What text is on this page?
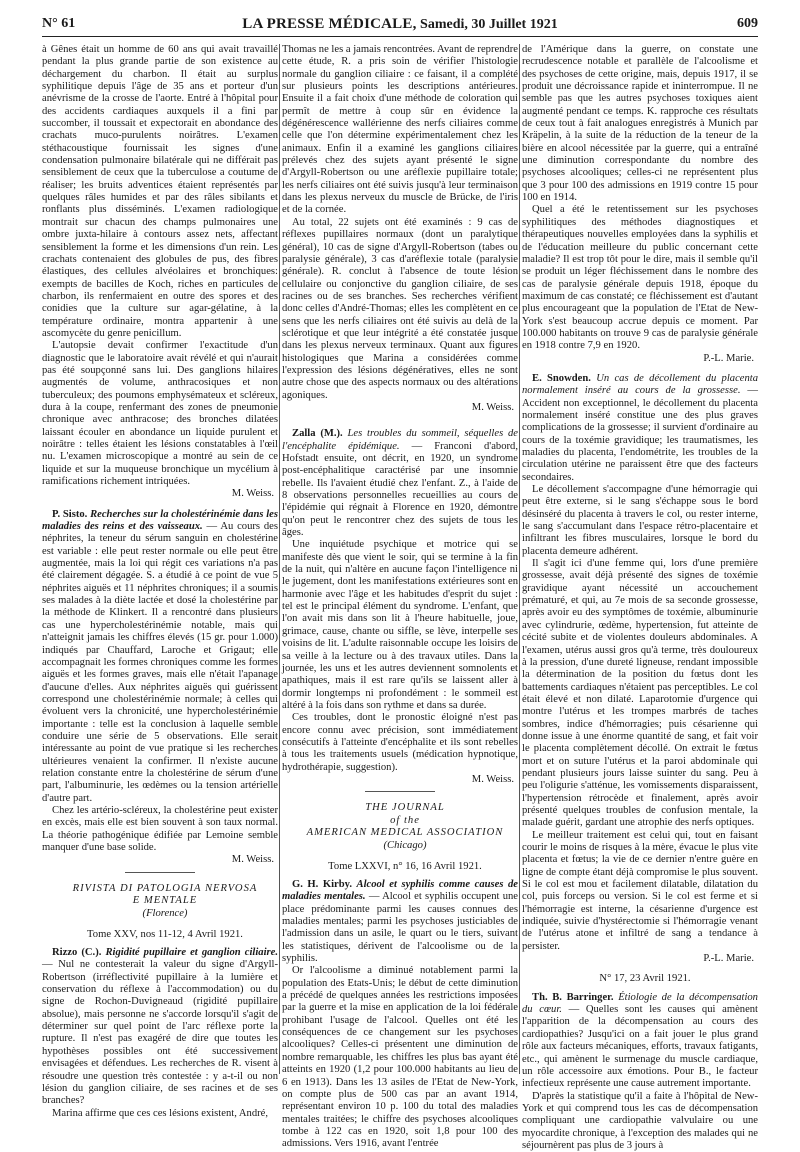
N° 61	LA PRESSE MÉDICALE, Samedi, 30 Juillet 1921	609

à Gênes était un homme de 60 ans qui avait travaillé pendant la plus grande partie de son existence au déchargement du charbon. Il était au surplus syphilitique depuis l'âge de 35 ans et porteur d'un anévrisme de la crosse de l'aorte. Entré à l'hôpital pour des accidents cardiaques auxquels il a fini par succomber, il toussait et expectorait en abondance des crachats muco-purulents noirâtres. L'examen stéthacoustique fournissait les signes d'une condensation pulmonaire bilatérale qui ne différait pas sensiblement de ceux que la tuberculose a coutume de réaliser; les bruits adventices étaient représentés par quelques râles humides et par des râles sibilants et ronflants plus disséminés. L'examen radiologique montrait sur chacun des champs pulmonaires une ombre juxta-hilaire à contours assez nets, affectant sensiblement la forme et les dimensions d'un rein. Les crachats contenaient des globules de pus, des fibres élastiques, des cellules alvéolaires et bronchiques: exempts de bacilles de Koch, riches en particules de charbon, ils renfermaient en outre des spores et des conidies que la culture sur agar-gélatine, à la température ordinaire, montra appartenir à une ascomycète du genre penicillum.

L'autopsie devait confirmer l'exactitude d'un diagnostic que le laboratoire avait révélé et qui n'aurait pas été soupçonné sans lui. Des ganglions hilaires augmentés de volume, anthracosiques et non tuberculeux; des poumons emphysémateux et scléreux, dura à la coupe, renfermant des zones de pneumonie chronique avec anthracose; des bronches dilatées laissant écouler en abondance un liquide purulent et noirâtre : telles étaient les lésions constatables à l'œil nu. L'examen microscopique a montré au sein de ce liquide et sur la muqueuse bronchique un mycélium à ramifications richement intriquées.

M. Weiss.

P. Sisto. Recherches sur la cholestérinémie dans les maladies des reins et des vaisseaux. — Au cours des néphrites, la teneur du sérum sanguin en cholestérine est variable : elle peut rester normale ou elle peut être augmentée, mais la loi qui régit ces variations n'a pas été clairement dégagée. S. a étudié à ce point de vue 5 néphrites aiguës et 11 néphrites chroniques; il a soumis ses malades à la diète lactée et dosé la cholestérine par la méthode de Klinkert. Il a rencontré dans plusieurs cas une hypercholestérinémie notable, mais qui n'atteignit jamais les chiffres élevés (15 gr. pour 1.000) indiqués par Chauffard, Laroche et Grigaut; elle accompagnait les formes chroniques comme les formes aiguës et les formes graves, mais elle n'était l'apanage d'aucune d'elles. Aux néphrites aiguës qui guérissent correspond une cholestérinémie normale; à celles qui évoluent vers la chronicité, une hypercholestérinémie importante : telle est la conclusion à laquelle semble conduire une série de 5 observations. Elle serait intéressante au point de vue pratique si les recherches ultérieures venaient la confirmer. Il n'existe aucune relation constante entre la cholestérine de sérum d'une part, l'albuminurie, les œdèmes ou la tension artérielle d'autre part.

Chez les artério-scléreux, la cholestérine peut exister en excès, mais elle est bien souvent à son taux normal. La théorie pathogénique édifiée par Lemoine semble manquer d'une base solide.

M. Weiss.

RIVISTA DI PATOLOGIA NERVOSA

E MENTALE

(Florence)

Tome XXV, nos 11-12, 4 Avril 1921.

Rizzo (C.). Rigidité pupillaire et ganglion ciliaire. — Nul ne contesterait la valeur du signe d'Argyll-Robertson (irréflectivité pupillaire à la lumière et conservation du réflexe à l'accommodation) ou du signe de Rochon-Duvigneaud (rigidité pupillaire absolue), mais personne ne s'accorde lorsqu'il s'agit de déterminer sur quel point de l'arc réflexe porte la rupture. Il n'est pas exagéré de dire que toutes les hypothèses possibles ont été successivement envisagées et défendues. Les recherches de R. visent à résoudre une question très contestée : y a-t-il ou non lésion du ganglion ciliaire, de ses racines et de ses branches?

Marina affirme que ces ces lésions existent, André,

Thomas ne les a jamais rencontrées. Avant de reprendre cette étude, R. a pris soin de vérifier l'histologie normale du ganglion ciliaire : ce faisant, il a complété sur plusieurs points les descriptions antérieures. Ensuite il a fait choix d'une méthode de coloration qui permît de mettre à coup sûr en évidence la dégénérescence wallérienne des nerfs ciliaires comme celle que l'on détermine expérimentalement chez les animaux. Enfin il a examiné les ganglions ciliaires prélevés chez des sujets ayant présenté le signe d'Argyll-Robertson ou une aréflexie pupillaire totale; les nerfs ciliaires ont été suivis jusqu'à leur terminaison dans les plexus nerveux du muscle de Brücke, de l'iris et de la cornée.

Au total, 22 sujets ont été examinés : 9 cas de réflexes pupillaires normaux (dont un paralytique général), 10 cas de signe d'Argyll-Robertson (tabes ou paralysie générale), 3 cas d'aréflexie totale (paralysie générale). R. conclut à l'absence de toute lésion cellulaire ou conjonctive du ganglion ciliaire, de ses racines ou de ses branches. Ses recherches vérifient donc celles d'André-Thomas; elles les complètent en ce sens que les nerfs ciliaires ont été suivis au delà de la sclérotique et que leur intégrité a été constatée jusque dans les plexus nerveux terminaux. Quant aux figures histologiques que Marina a considérées comme l'expression des lésions dégénératives, elles ne sont autre chose que des aspects normaux ou des altérations agoniques.

M. Weiss.

Zalla (M.). Les troubles du sommeil, séquelles de l'encéphalite épidémique. — Franconi d'abord, Hofstadt ensuite, ont décrit, en 1920, un syndrome post-encéphalitique caractérisé par une insomnie rebelle. Ils l'avaient étudié chez l'enfant. Z., à l'aide de 8 observations personnelles recueillies au cours de l'épidémie qui régnait à Florence en 1920, démontre qu'on peut le rencontrer chez des sujets de tous les âges.

Une inquiétude psychique et motrice qui se manifeste dès que vient le soir, qui se termine à la fin de la nuit, qui n'altère en aucune façon l'intelligence ni le jugement, dont les manifestations extérieures sont en harmonie avec l'âge et les habitudes d'esprit du sujet : tel est le principal élément du syndrome. L'enfant, que l'on avait mis dans son lit à l'heure habituelle, joue, grimace, cause, chante ou siffle, se lève, interpelle ses voisins de lit. L'adulte raisonnable occupe les loisirs de sa veille à la lecture ou à des travaux utiles. Dans la journée, les uns et les autres deviennent somnolents et apathiques, mais il est rare qu'ils se laissent aller à dormir longtemps ni profondément : le sommeil est altéré à la fois dans son rythme et dans sa durée.

Ces troubles, dont le pronostic éloigné n'est pas encore connu avec précision, sont immédiatement consécutifs à l'atteinte d'encéphalite et ils sont rebelles à tous les traitements usuels (médication hypnotique, hydrothérapie, suggestion).

M. Weiss.

THE JOURNAL

of the

AMERICAN MEDICAL ASSOCIATION

(Chicago)

Tome LXXVI, n° 16, 16 Avril 1921.

G. H. Kirby. Alcool et syphilis comme causes de maladies mentales. — Alcool et syphilis occupent une place prédominante parmi les causes connues des maladies mentales; parmi les psychoses justiciables de l'admission dans un asile, le quart ou le tiers, suivant les statistiques, dérivent de l'alcoolisme ou de la syphilis.

Or l'alcoolisme a diminué notablement parmi la population des Etats-Unis; le début de cette diminution a précédé de quelques années les restrictions imposées par la guerre et la mise en application de la loi fédérale prohibant l'usage de l'alcool. Quelles ont été les conséquences de ce changement sur les psychoses alcooliques? Celles-ci présentent une diminution de nombre remarquable, les chiffres les plus bas ayant été atteints en 1920 (1,2 pour 100.000 habitants au lieu de 6 en 1913). Dans les 13 asiles de l'Etat de New-York, on compte plus de 500 cas par an avant 1914, représentant environ 10 p. 100 du total des maladies mentales traitées; le chiffre des psychoses alcooliques tombe à 122 cas en 1920, soit 1,8 pour 100 des admissions. Vers 1916, avant l'entrée

de l'Amérique dans la guerre, on constate une recrudescence notable et parallèle de l'alcoolisme et des psychoses de cette origine, mais, depuis 1917, il se produit une décroissance rapide et ininterrompue. Il ne semble pas que les autres psychoses toxiques aient augmenté pendant ce temps. K. rapproche ces résultats de ceux tout à fait analogues enregistrés à Munich par Kräpelin, à la suite de la réduction de la teneur de la bière en alcool nécessitée par la guerre, qui a entraîné une diminution correspondante du nombre des psychoses alcooliques; celles-ci ne représentent plus que 3 pour 100 des admissions en 1919 contre 15 pour 100 en 1914.

Quel a été le retentissement sur les psychoses syphilitiques des méthodes diagnostiques et thérapeutiques nouvelles employées dans la syphilis et de l'éducation meilleure du public concernant cette maladie? Il est trop tôt pour le dire, mais il semble qu'il se produit un léger fléchissement dans le nombre des cas de paralysie générale depuis 1918, époque du maximum de cas constaté; ce fléchissement est d'autant plus encourageant que la population de l'Etat de New-York s'est beaucoup accrue depuis ce moment. Par 100.000 habitants on trouve 9 cas de paralysie générale en 1918 contre 7,9 en 1920.

P.-L. Marie.

E. Snowden. Un cas de décollement du placenta normalement inséré au cours de la grossesse. — Accident non exceptionnel, le décollement du placenta normalement inséré constitue une des plus graves complications de la grossesse; il survient d'ordinaire au cours de la toxémie gravidique; les traumatismes, les maladies du placenta, l'endométrite, les troubles de la circulation utérine ne paraissent être que des facteurs secondaires.

Le décollement s'accompagne d'une hémorragie qui peut être externe, si le sang s'échappe sous le bord désinséré du placenta à travers le col, ou rester interne, le sang s'accumulant dans l'espace rétro-placentaire et infiltrant les fibres musculaires, lorsque le bord du placenta demeure adhérent.

Il s'agit ici d'une femme qui, lors d'une première grossesse, avait déjà présenté des signes de toxémie gravidique ayant nécessité un accouchement prématuré, et qui, au 7e mois de sa seconde grossesse, après avoir eu des symptômes de toxémie, albuminurie avec cylindrurie, œdème, hypertension, fut atteinte de cécité subite et de violentes douleurs abdominales. A l'examen, utérus aussi gros qu'à terme, très douloureux à la pression, d'une dureté ligneuse, rendant impossible la détermination de la position du fœtus dont les battements cardiaques n'étaient pas perceptibles. Le col était élevé et non dilaté. Laparotomie d'urgence qui montre l'utérus et les trompes marbrés de taches sombres, indice d'hémorragies; puis césarienne qui donne issue à une énorme quantité de sang, et fait voir le placenta complètement décollé. On extrait le fœtus mort et on suture l'utérus et la paroi abdominale qui pendant plusieurs jours laisse suinter du sang. Peu à peu l'oligurie s'atténue, les vomissements disparaissent, l'hypertension rétrocède et finalement, après avoir présenté quelques troubles de confusion mentale, la malade guérit, gardant une atrophie des nerfs optiques.

Le meilleur traitement est celui qui, tout en faisant courir le moins de risques à la mère, évacue le plus vite placenta et fœtus; la vie de ce dernier n'entre guère en ligne de compte étant déjà compromise le plus souvent. Si le col est mou et facilement dilatable, dilatation du col, puis forceps ou version. Si le col est ferme et si l'hémorragie est interne, la césarienne d'urgence est indiquée, suivie d'hystérectomie si l'hémorragie venant de l'utérus atone et infiltré de sang a tendance à persister.

P.-L. Marie.

N° 17, 23 Avril 1921.

Th. B. Barringer. Étiologie de la décompensation du cœur. — Quelles sont les causes qui amènent l'apparition de la décompensation au cours des cardiopathies? Jusqu'ici on a fait jouer le plus grand rôle aux facteurs mécaniques, efforts, travaux fatigants, etc., qui amènent le surmenage du muscle cardiaque, un rôle accessoire aux émotions. Pour B., le facteur infectieux représente une cause autrement importante.

D'après la statistique qu'il a faite à l'hôpital de New-York et qui comprend tous les cas de décompensation compliquant une cardiopathie valvulaire ou une myocardite chronique, à l'exception des malades qui ne séjournèrent pas plus de 3 jours à
